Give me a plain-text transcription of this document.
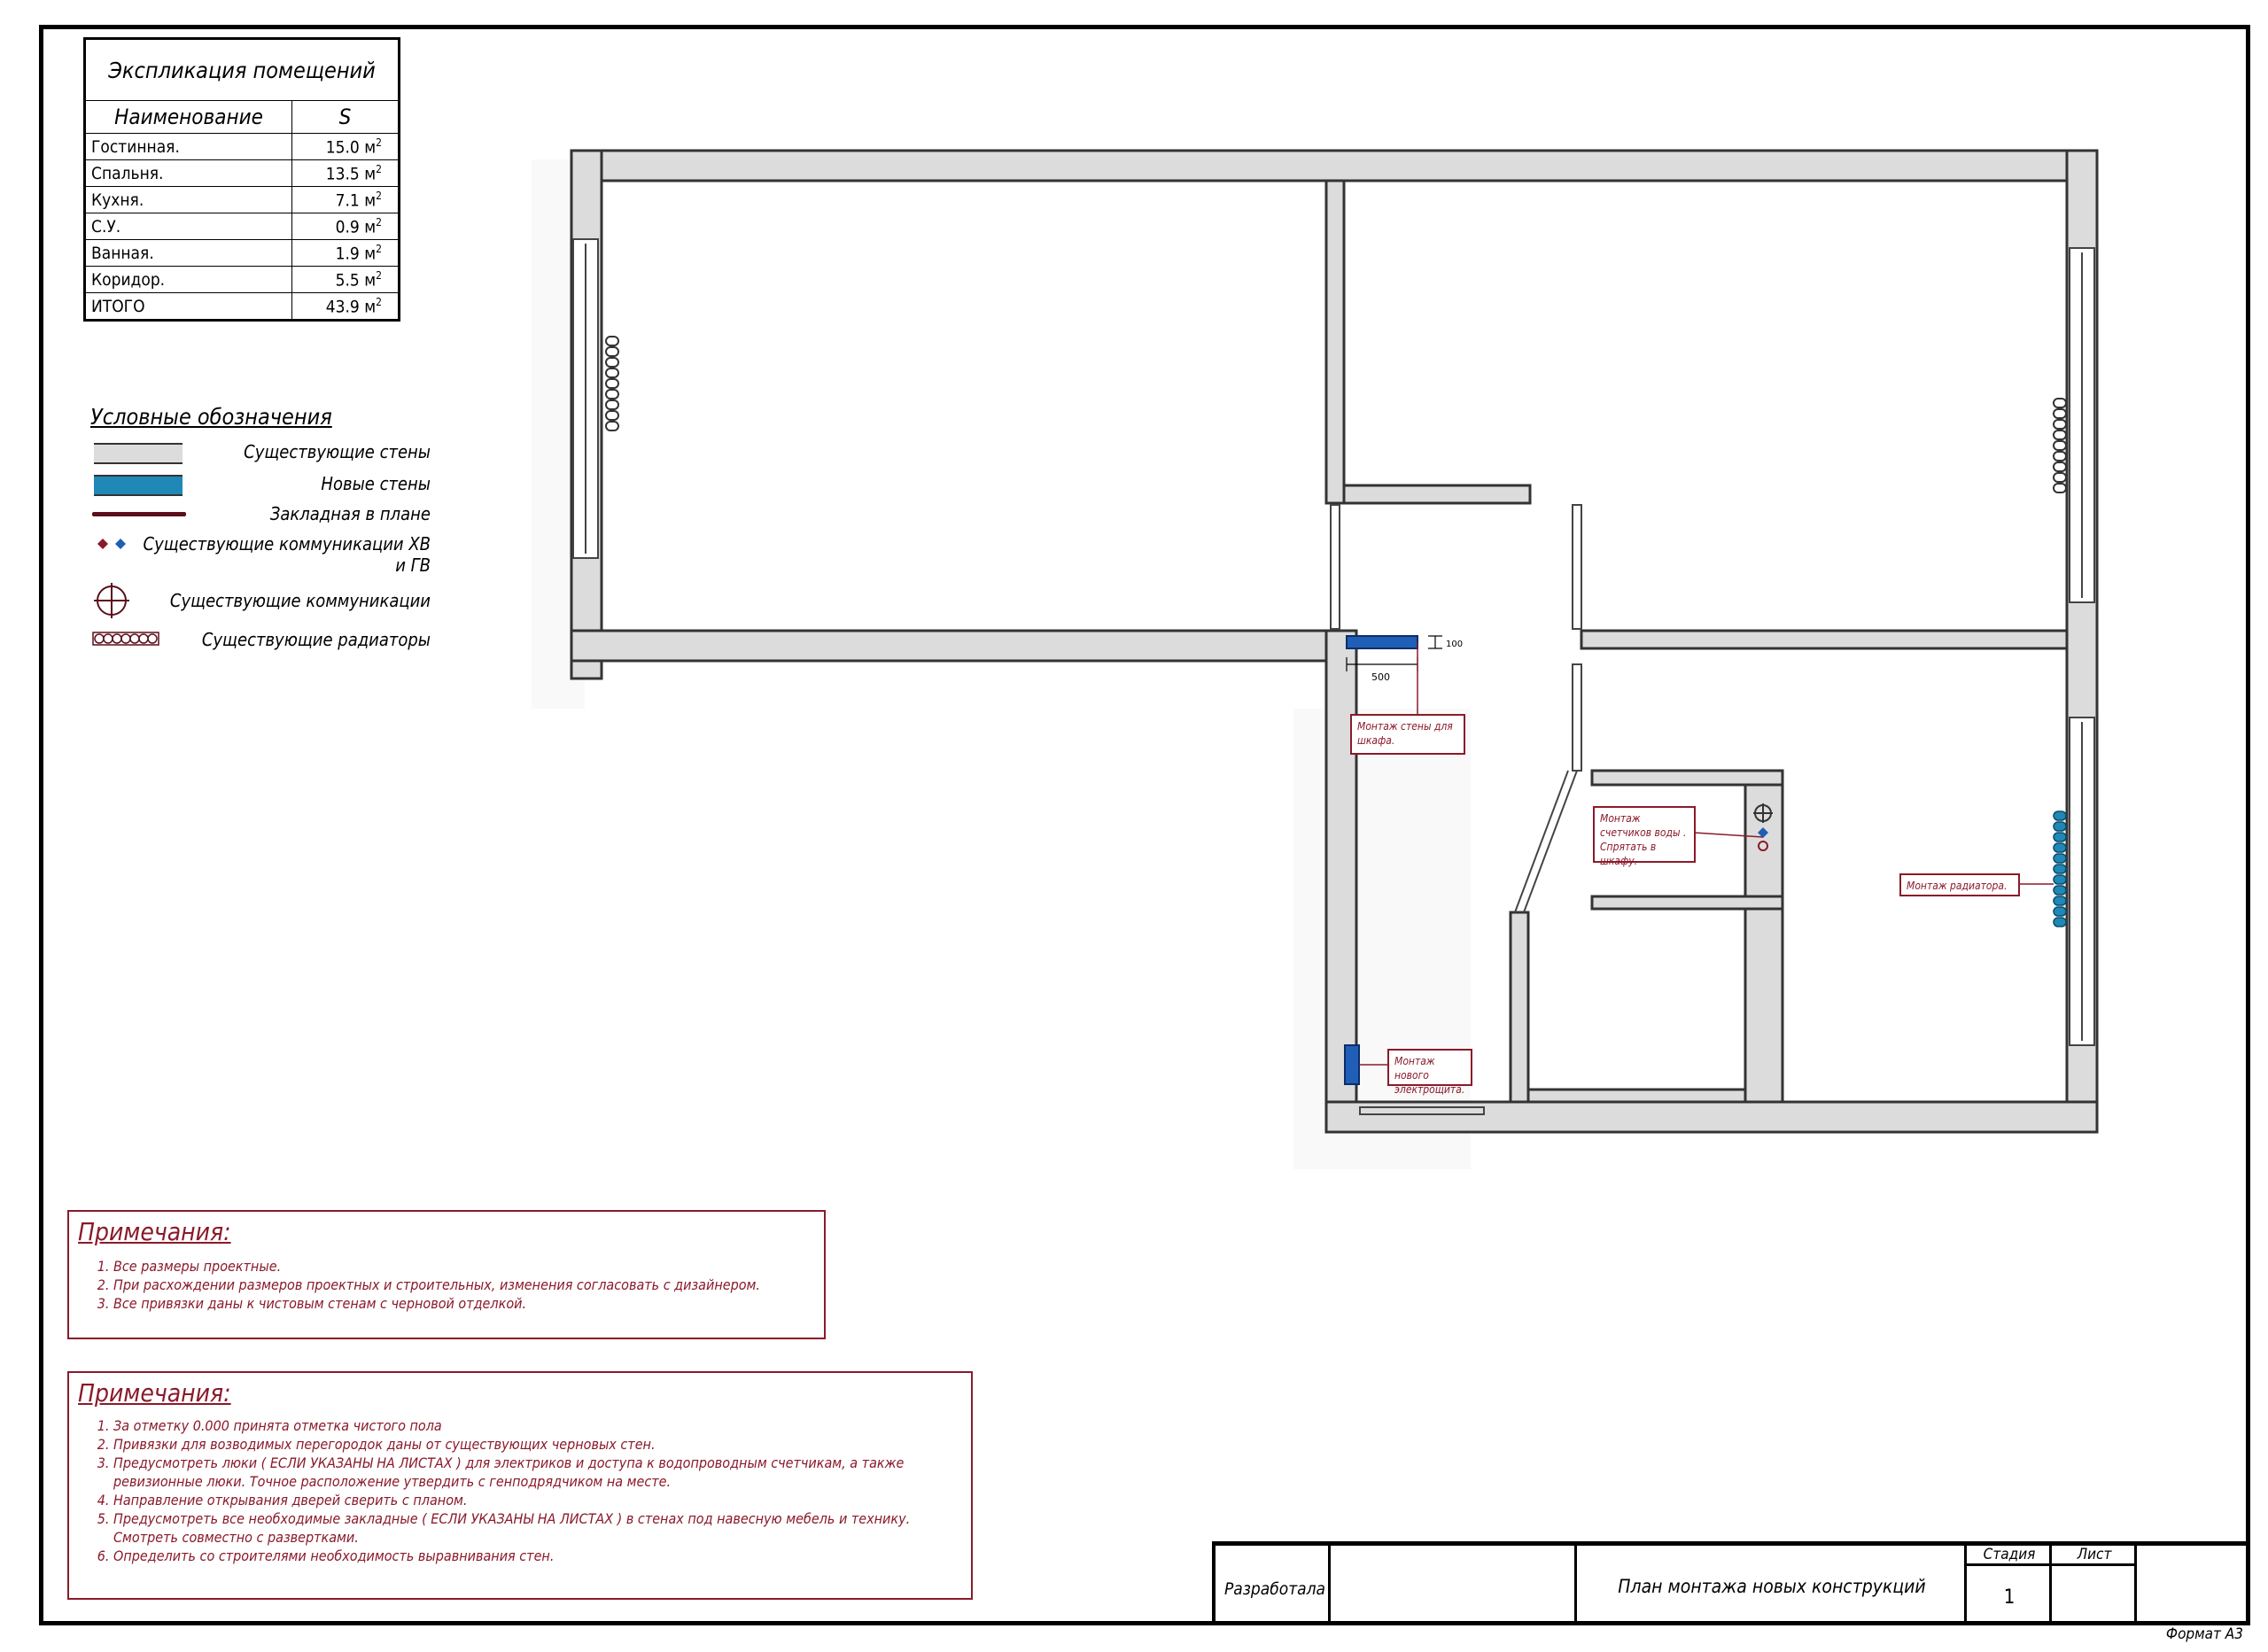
Формат А3
Экспликация помещений	
Наименование	S
Гостинная.	15.0 $м^2$
Спальня.	13.5 $м^2$
Кухня.	7.1 $м^2$
С.У.	0.9 $м^2$
Ванная.	1.9 $м^2$
Коридор.	5.5 $м^2$
ИТОГО	43.9 $м^2$
Условные обозначения
Существующие стены
Новые стены
Закладная в плане
Существующие коммуникации ХВ и ГВ
Существующие коммуникации
Существующие радиаторы
500
100
Монтаж стены для шкафа.
Монтаж счетчиков воды . Спрятать в шкафу.
Монтаж радиатора.
Монтаж нового электрощита.
Примечания:
1. Все размеры проектные.
2. При расхождении размеров проектных и строительных, изменения согласовать с дизайнером.
3. Все привязки даны к чистовым стенам с черновой отделкой.
Примечания:
1. За отметку 0.000 принята отметка чистого пола
2. Привязки для возводимых перегородок даны от существующих черновых стен.
3. Предусмотреть люки ( ЕСЛИ УКАЗАНЫ НА ЛИСТАХ ) для электриков и доступа к водопроводным счетчикам, а также ревизионные люки. Точное расположение утвердить с генподрядчиком на месте.
4. Направление открывания дверей сверить с планом.
5. Предусмотреть все необходимые закладные ( ЕСЛИ УКАЗАНЫ НА ЛИСТАХ ) в стенах под навесную мебель и технику. Смотреть совместно с развертками.
6. Определить со строителями необходимость выравнивания стен.
Разработала	План монтажа новых конструкций
Стадия	Лист
1
